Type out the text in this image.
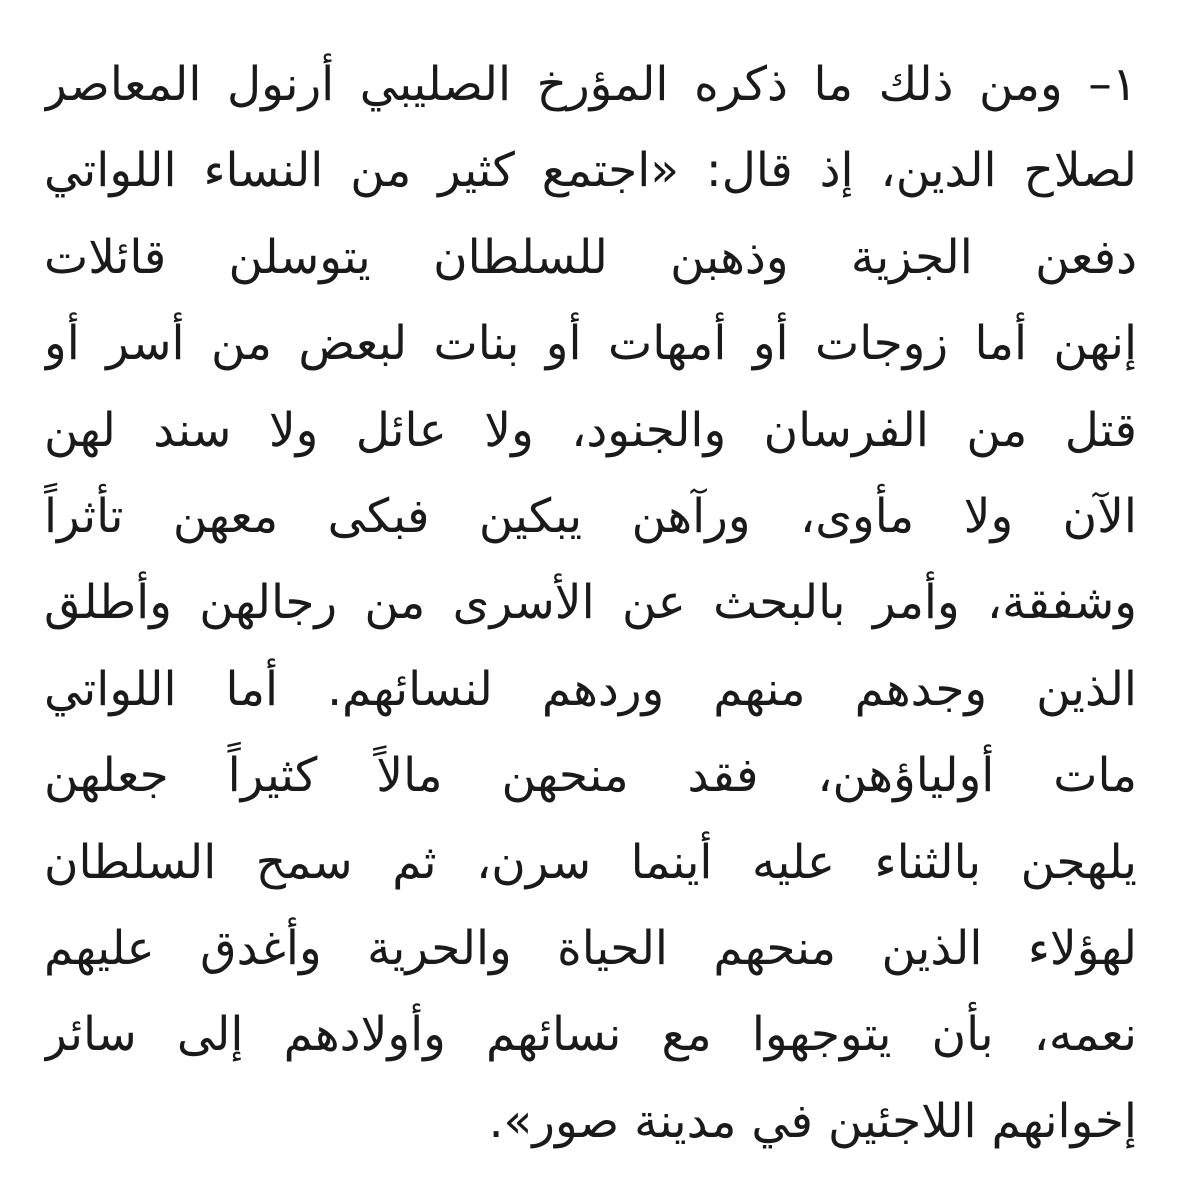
١– ومن ذلك ما ذكره المؤرخ الصليبي أرنول المعاصر
لصلاح الدين، إذ قال: «اجتمع كثير من النساء اللواتي
دفعن الجزية وذهبن للسلطان يتوسلن قائلات
إنهن أما زوجات أو أمهات أو بنات لبعض من أسر أو
قتل من الفرسان والجنود، ولا عائل ولا سند لهن
الآن ولا مأوى، ورآهن يبكين فبكى معهن تأثراً
وشفقة، وأمر بالبحث عن الأسرى من رجالهن وأطلق
الذين وجدهم منهم وردهم لنسائهم. أما اللواتي
مات أولياؤهن، فقد منحهن مالاً كثيراً جعلهن
يلهجن بالثناء عليه أينما سرن، ثم سمح السلطان
لهؤلاء الذين منحهم الحياة والحرية وأغدق عليهم
نعمه، بأن يتوجهوا مع نسائهم وأولادهم إلى سائر
إخوانهم اللاجئين في مدينة صور».
